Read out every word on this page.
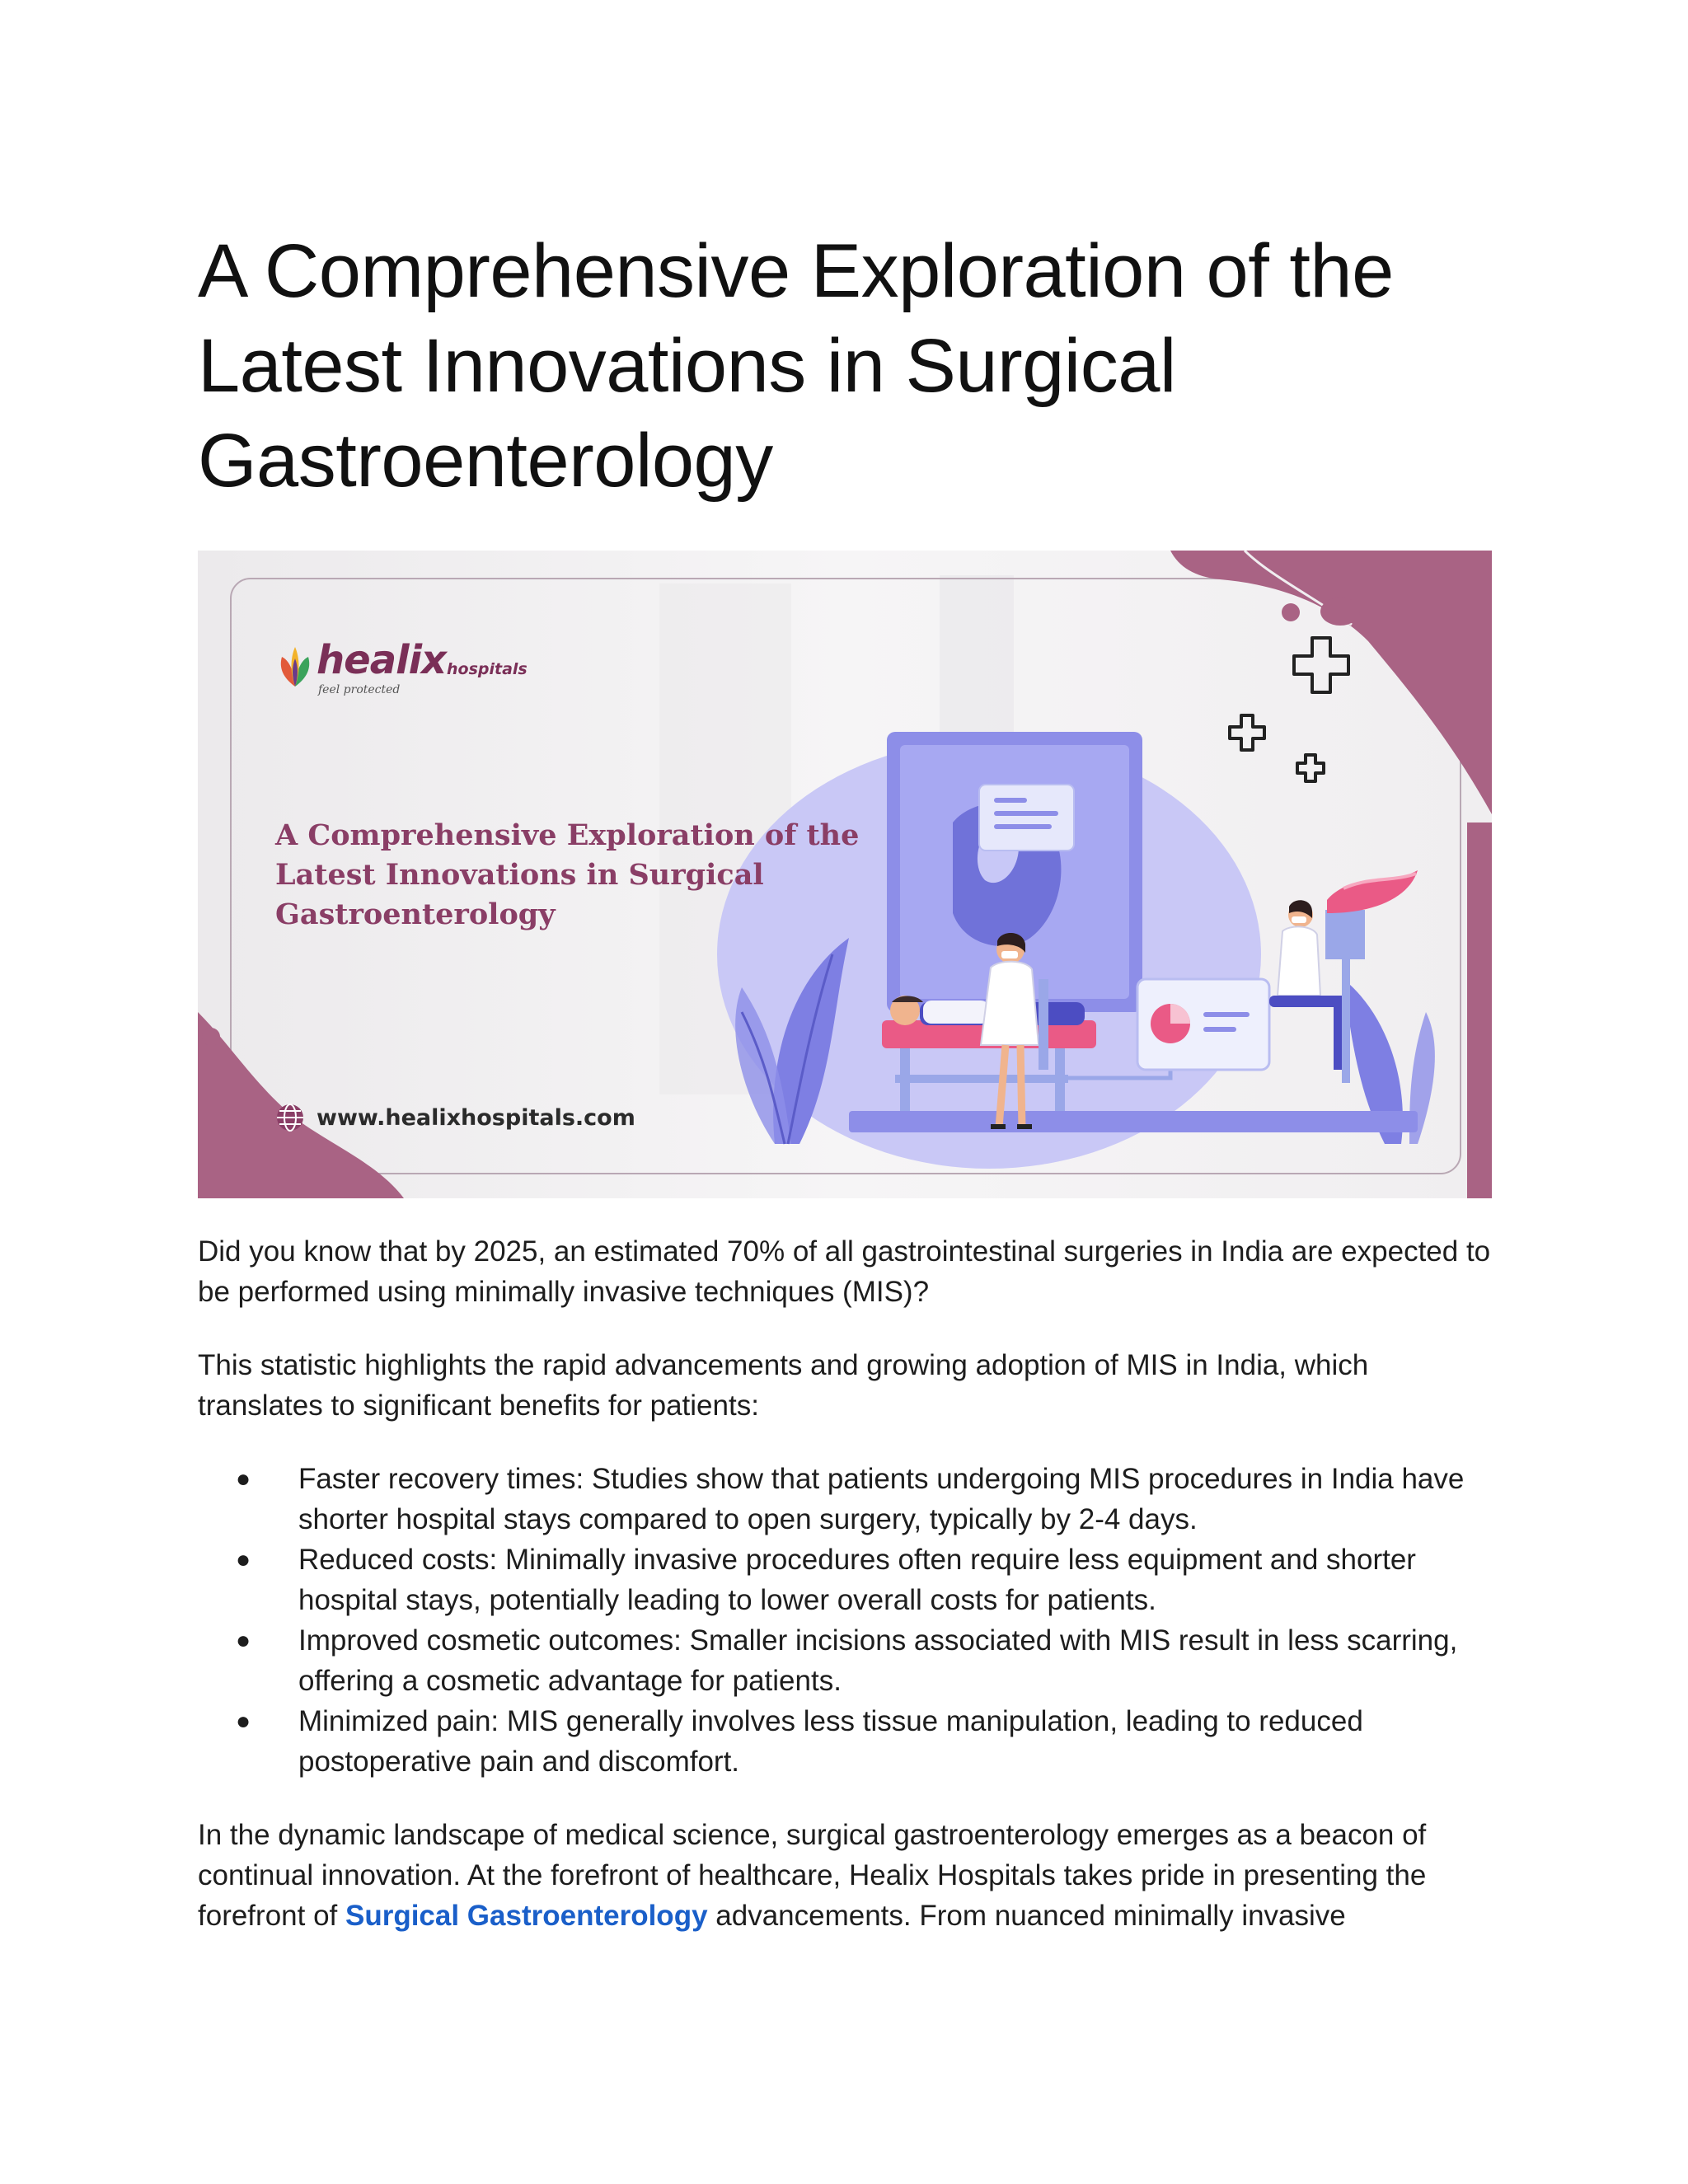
A Comprehensive Exploration of the Latest Innovations in Surgical Gastroenterology
healix hospitals
feel protected
A Comprehensive Exploration of the Latest Innovations in Surgical Gastroenterology
www.healixhospitals.com

Did you know that by 2025, an estimated 70% of all gastrointestinal surgeries in India are expected to be performed using minimally invasive techniques (MIS)?

This statistic highlights the rapid advancements and growing adoption of MIS in India, which translates to significant benefits for patients:

● Faster recovery times: Studies show that patients undergoing MIS procedures in India have shorter hospital stays compared to open surgery, typically by 2-4 days.
● Reduced costs: Minimally invasive procedures often require less equipment and shorter hospital stays, potentially leading to lower overall costs for patients.
● Improved cosmetic outcomes: Smaller incisions associated with MIS result in less scarring, offering a cosmetic advantage for patients.
● Minimized pain: MIS generally involves less tissue manipulation, leading to reduced postoperative pain and discomfort.

In the dynamic landscape of medical science, surgical gastroenterology emerges as a beacon of continual innovation. At the forefront of healthcare, Healix Hospitals takes pride in presenting the forefront of Surgical Gastroenterology advancements. From nuanced minimally invasive
